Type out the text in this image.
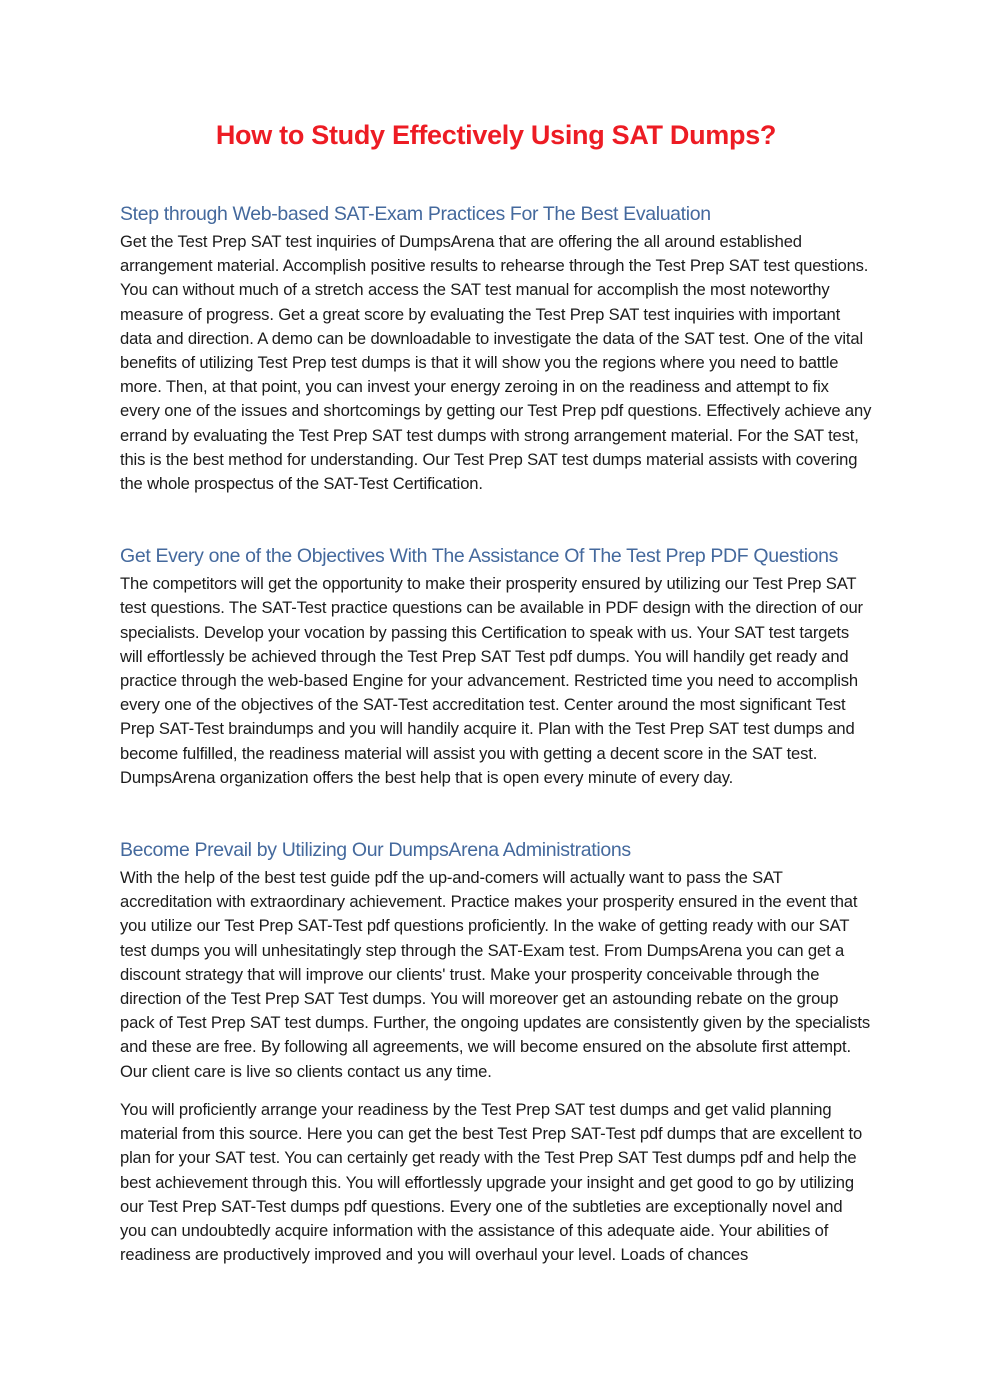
How to Study Effectively Using SAT Dumps?
Step through Web-based SAT-Exam Practices For The Best Evaluation

Get the Test Prep SAT test inquiries of DumpsArena that are offering the all around established arrangement material. Accomplish positive results to rehearse through the Test Prep SAT test questions. You can without much of a stretch access the SAT test manual for accomplish the most noteworthy measure of progress. Get a great score by evaluating the Test Prep SAT test inquiries with important data and direction. A demo can be downloadable to investigate the data of the SAT test. One of the vital benefits of utilizing Test Prep test dumps is that it will show you the regions where you need to battle more. Then, at that point, you can invest your energy zeroing in on the readiness and attempt to fix every one of the issues and shortcomings by getting our Test Prep pdf questions. Effectively achieve any errand by evaluating the Test Prep SAT test dumps with strong arrangement material. For the SAT test, this is the best method for understanding. Our Test Prep SAT test dumps material assists with covering the whole prospectus of the SAT-Test Certification.

Get Every one of the Objectives With The Assistance Of The Test Prep PDF Questions

The competitors will get the opportunity to make their prosperity ensured by utilizing our Test Prep SAT test questions. The SAT-Test practice questions can be available in PDF design with the direction of our specialists. Develop your vocation by passing this Certification to speak with us. Your SAT test targets will effortlessly be achieved through the Test Prep SAT Test pdf dumps. You will handily get ready and practice through the web-based Engine for your advancement. Restricted time you need to accomplish every one of the objectives of the SAT-Test accreditation test. Center around the most significant Test Prep SAT-Test braindumps and you will handily acquire it. Plan with the Test Prep SAT test dumps and become fulfilled, the readiness material will assist you with getting a decent score in the SAT test. DumpsArena organization offers the best help that is open every minute of every day.

Become Prevail by Utilizing Our DumpsArena Administrations

With the help of the best test guide pdf the up-and-comers will actually want to pass the SAT accreditation with extraordinary achievement. Practice makes your prosperity ensured in the event that you utilize our Test Prep SAT-Test pdf questions proficiently. In the wake of getting ready with our SAT test dumps you will unhesitatingly step through the SAT-Exam test. From DumpsArena you can get a discount strategy that will improve our clients' trust. Make your prosperity conceivable through the direction of the Test Prep SAT Test dumps. You will moreover get an astounding rebate on the group pack of Test Prep SAT test dumps. Further, the ongoing updates are consistently given by the specialists and these are free. By following all agreements, we will become ensured on the absolute first attempt. Our client care is live so clients contact us any time.

You will proficiently arrange your readiness by the Test Prep SAT test dumps and get valid planning material from this source. Here you can get the best Test Prep SAT-Test pdf dumps that are excellent to plan for your SAT test. You can certainly get ready with the Test Prep SAT Test dumps pdf and help the best achievement through this. You will effortlessly upgrade your insight and get good to go by utilizing our Test Prep SAT-Test dumps pdf questions. Every one of the subtleties are exceptionally novel and you can undoubtedly acquire information with the assistance of this adequate aide. Your abilities of readiness are productively improved and you will overhaul your level. Loads of chances
